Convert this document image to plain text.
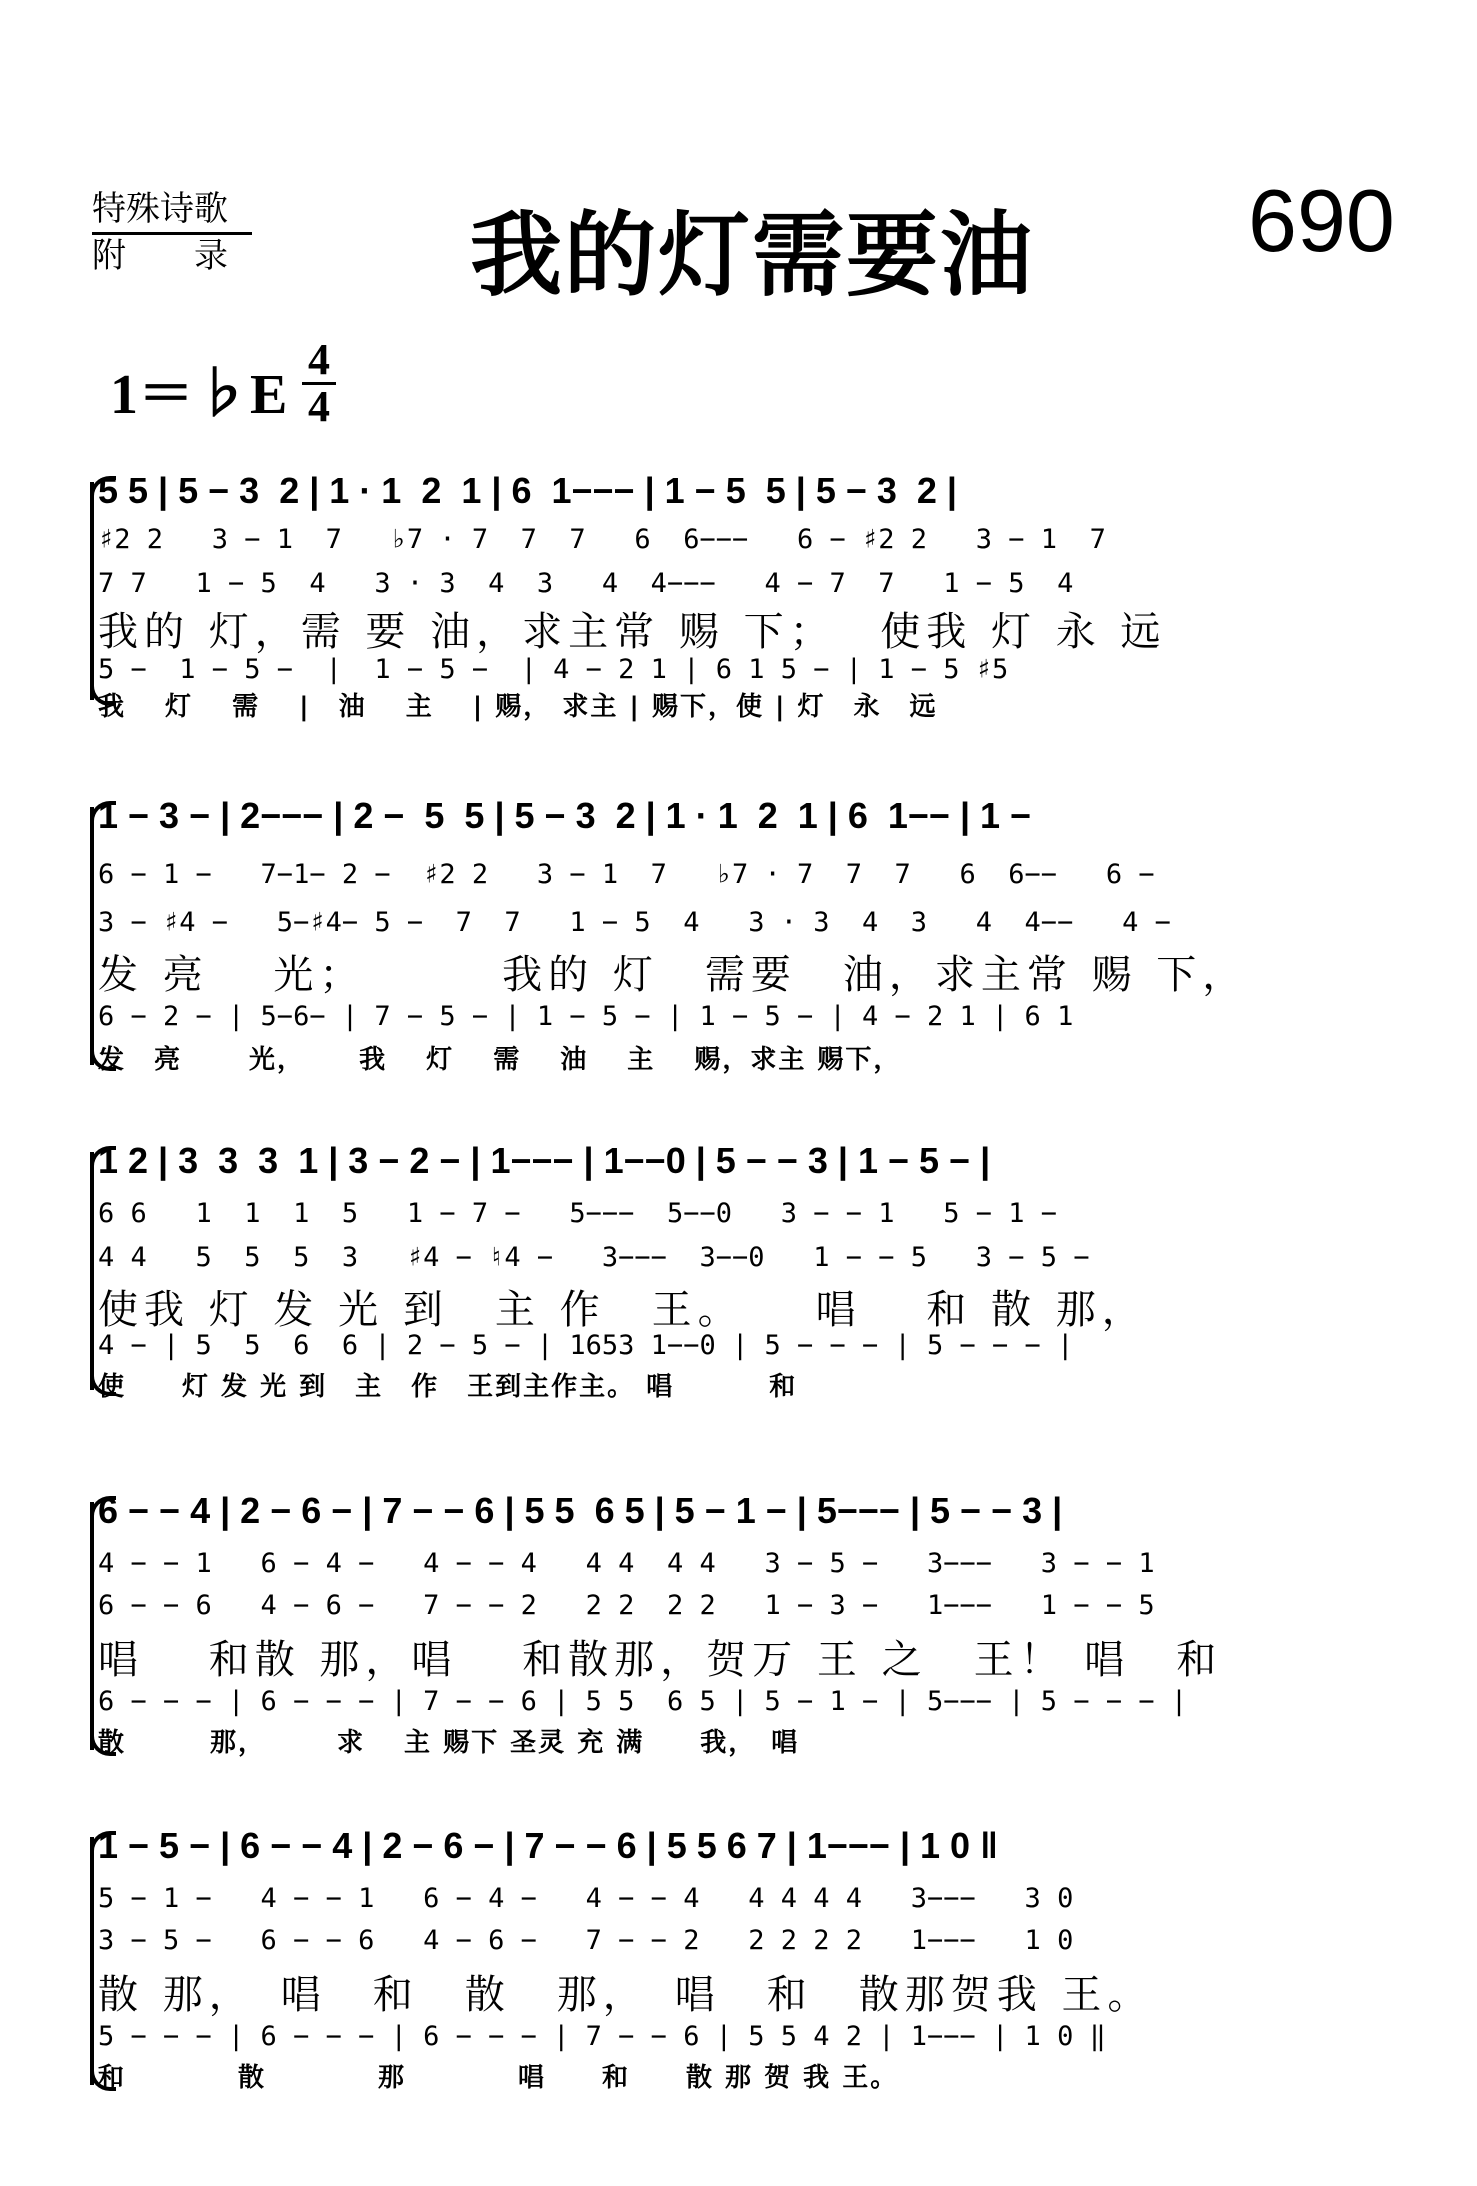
特殊诗歌
附　　录	我的灯需要油 690
1＝♭E
4
4
5 5 | 5 − 3  2 | 1 · 1  2  1 | 6  1−−− | 1 − 5  5 | 5 − 3  2 |
♯2 2   3 − 1  7   ♭7 · 7  7  7   6  6−−−   6 − ♯2 2   3 − 1  7
7 7   1 − 5  4   3 · 3  4  3   4  4−−−   4 − 7  7   1 − 5  4
我的 灯，需 要 油，求主常 赐 下；　 使我 灯 永 远
5 −  1 − 5 −  |  1 − 5 −  | 4 − 2 1 | 6 1 5 − | 1 − 5 ♯5
我　 灯　 需　 |　油　 主　 | 赐， 求主 | 赐下，使 | 灯　永　远
1 − 3 − | 2−−− | 2 −  5  5 | 5 − 3  2 | 1 · 1  2  1 | 6  1−− | 1 −
6 − 1 −   7−1− 2 −  ♯2 2   3 − 1  7   ♭7 · 7  7  7   6  6−−   6 −
3 − ♯4 −   5−♯4− 5 −  7  7   1 − 5  4   3 · 3  4  3   4  4−−   4 −
发 亮　 光；　　　 我的 灯　需要　油，求主常 赐 下，
6 − 2 − | 5−6− | 7 − 5 − | 1 − 5 − | 1 − 5 − | 4 − 2 1 | 6 1
发　亮　　 光，　　 我　 灯　 需　 油　 主　 赐，求主 赐下，
1 2 | 3  3  3  1 | 3 − 2 − | 1−−− | 1−−0 | 5 − − 3 | 1 − 5 − |
6 6   1  1  1  5   1 − 7 −   5−−−  5−−0   3 − − 1   5 − 1 −
4 4   5  5  5  3   ♯4 − ♮4 −   3−−−  3−−0   1 − − 5   3 − 5 −
使我 灯 发 光 到　主 作　王。　　唱　 和 散 那，
4 − | 5  5  6  6 | 2 − 5 − | 1653 1−−0 | 5 − − − | 5 − − − |
使　　灯 发 光 到　主　作　王到主作主。 唱　　　 和
6 − − 4 | 2 − 6 − | 7 − − 6 | 5 5  6 5 | 5 − 1 − | 5−−− | 5 − − 3 |
4 − − 1   6 − 4 −   4 − − 4   4 4  4 4   3 − 5 −   3−−−   3 − − 1
6 − − 6   4 − 6 −   7 − − 2   2 2  2 2   1 − 3 −   1−−−   1 − − 5
唱　 和散 那，唱　 和散那，贺万 王 之　王！ 唱　和
6 − − − | 6 − − − | 7 − − 6 | 5 5  6 5 | 5 − 1 − | 5−−− | 5 − − − |
散　　　那，　　　求　 主 赐下 圣灵 充 满　　我，　唱
1 − 5 − | 6 − − 4 | 2 − 6 − | 7 − − 6 | 5 5 6 7 | 1−−− | 1 0 ‖
5 − 1 −   4 − − 1   6 − 4 −   4 − − 4   4 4 4 4   3−−−   3 0
3 − 5 −   6 − − 6   4 − 6 −   7 − − 2   2 2 2 2   1−−−   1 0
散 那，　唱　和　散　那，　唱　和　散那贺我 王。
5 − − − | 6 − − − | 6 − − − | 7 − − 6 | 5 5 4 2 | 1−−− | 1 0 ‖
和　　　　散　　　　那　　　　唱　　和　　散 那 贺 我 王。
